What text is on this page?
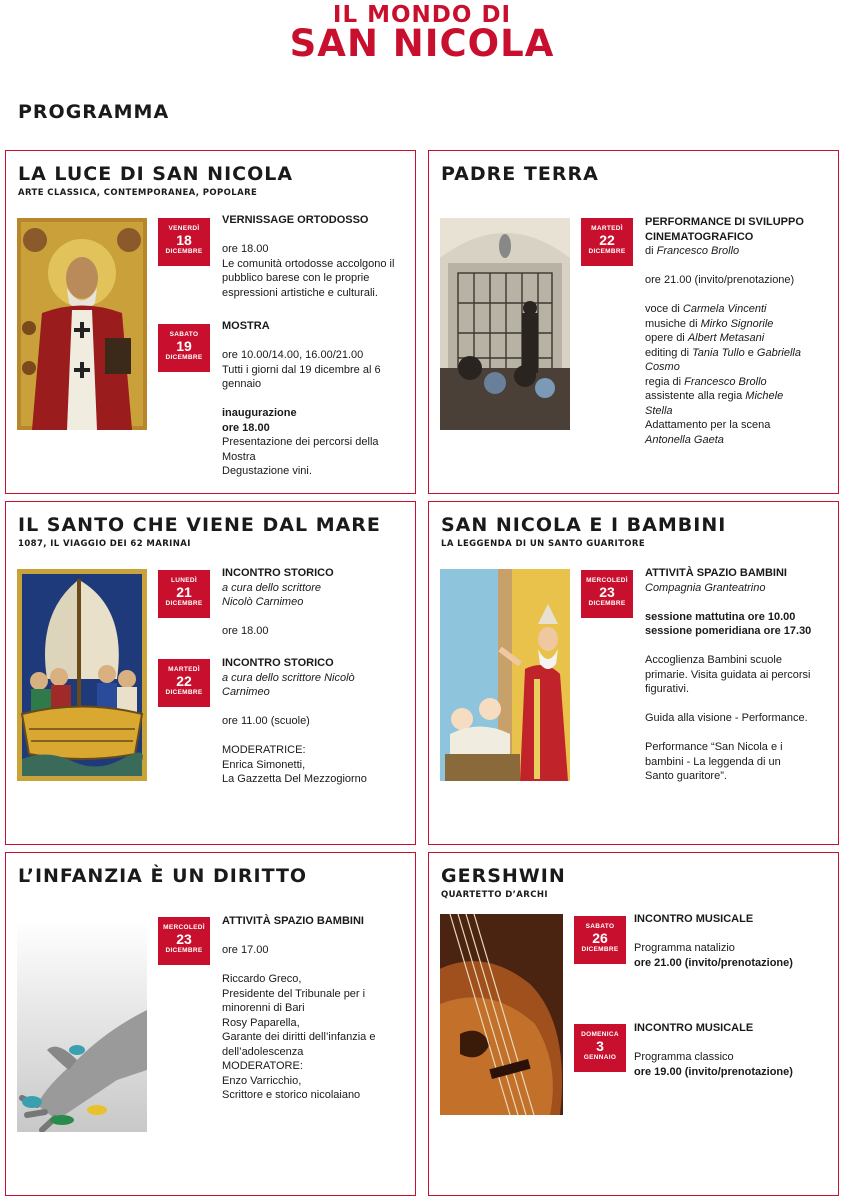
IL MONDO DI
SAN NICOLA
PROGRAMMA
LA LUCE DI SAN NICOLA
ARTE CLASSICA, CONTEMPORANEA, POPOLARE
VENERDÌ
18
DICEMBRE
VERNISSAGE ORTODOSSO
ore 18.00
Le comunità ortodosse accolgono il
pubblico barese con le proprie
espressioni artistiche e culturali.
SABATO
19
DICEMBRE
MOSTRA
ore 10.00/14.00, 16.00/21.00
Tutti i giorni dal 19 dicembre al 6
gennaio
inaugurazione
ore 18.00
Presentazione dei percorsi della
Mostra
Degustazione vini.
PADRE TERRA
MARTEDÌ
22
DICEMBRE
PERFORMANCE DI SVILUPPO
CINEMATOGRAFICO
di Francesco Brollo
ore 21.00 (invito/prenotazione)
voce di Carmela Vincenti
musiche di Mirko Signorile
opere di Albert Metasani
editing di Tania Tullo e Gabriella
Cosmo
regia di Francesco Brollo
assistente alla regia Michele
Stella
Adattamento per la scena
Antonella Gaeta
IL SANTO CHE VIENE DAL MARE
1087, IL VIAGGIO DEI 62 MARINAI
LUNEDÌ
21
DICEMBRE
INCONTRO STORICO
a cura dello scrittore
Nicolò Carnimeo
ore 18.00
MARTEDÌ
22
DICEMBRE
INCONTRO STORICO
a cura dello scrittore Nicolò
Carnimeo
ore 11.00 (scuole)
MODERATRICE:
Enrica Simonetti,
La Gazzetta Del Mezzogiorno
SAN NICOLA E I BAMBINI
LA LEGGENDA DI UN SANTO GUARITORE
MERCOLEDÌ
23
DICEMBRE
ATTIVITÀ SPAZIO BAMBINI
Compagnia Granteatrino
sessione mattutina ore 10.00
sessione pomeridiana ore 17.30
Accoglienza Bambini scuole
primarie. Visita guidata ai percorsi
figurativi.
Guida alla visione - Performance.
Performance “San Nicola e i
bambini - La leggenda di un
Santo guaritore”.
L’INFANZIA È UN DIRITTO
MERCOLEDÌ
23
DICEMBRE
ATTIVITÀ SPAZIO BAMBINI
ore 17.00
Riccardo Greco,
Presidente del Tribunale per i
minorenni di Bari
Rosy Paparella,
Garante dei diritti dell’infanzia e
dell’adolescenza
MODERATORE:
Enzo Varricchio,
Scrittore e storico nicolaiano
GERSHWIN
QUARTETTO D’ARCHI
SABATO
26
DICEMBRE
INCONTRO MUSICALE
Programma natalizio
ore 21.00 (invito/prenotazione)
DOMENICA
3
GENNAIO
INCONTRO MUSICALE
Programma classico
ore 19.00 (invito/prenotazione)
